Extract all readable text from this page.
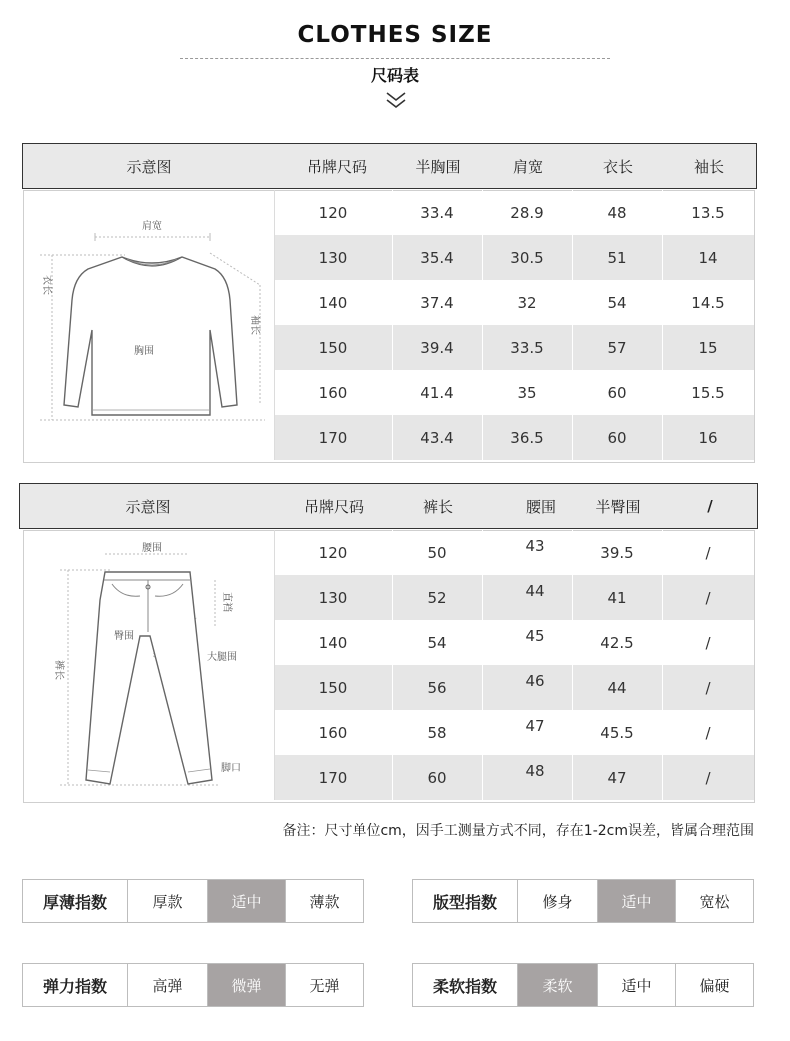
CLOTHES SIZE
尺码表
示意图	吊牌尺码	半胸围	肩宽	衣长	袖长
肩宽
衣长
袖长
胸围
120	33.4	28.9	48	13.5
130	35.4	30.5	51	14
140	37.4	32	54	14.5
150	39.4	33.5	57	15
160	41.4	35	60	15.5
170	43.4	36.5	60	16
示意图	吊牌尺码	裤长	腰围	半臀围	/
腰围
直裆
臀围
大腿围
裤长
脚口
120	50	43	39.5	/
130	52	44	41	/
140	54	45	42.5	/
150	56	46	44	/
160	58	47	45.5	/
170	60	48	47	/
备注：尺寸单位cm，因手工测量方式不同，存在1-2cm误差，皆属合理范围
厚薄指数	厚款	适中	薄款	版型指数	修身	适中	宽松
弹力指数	高弹	微弹	无弹	柔软指数	柔软	适中	偏硬
